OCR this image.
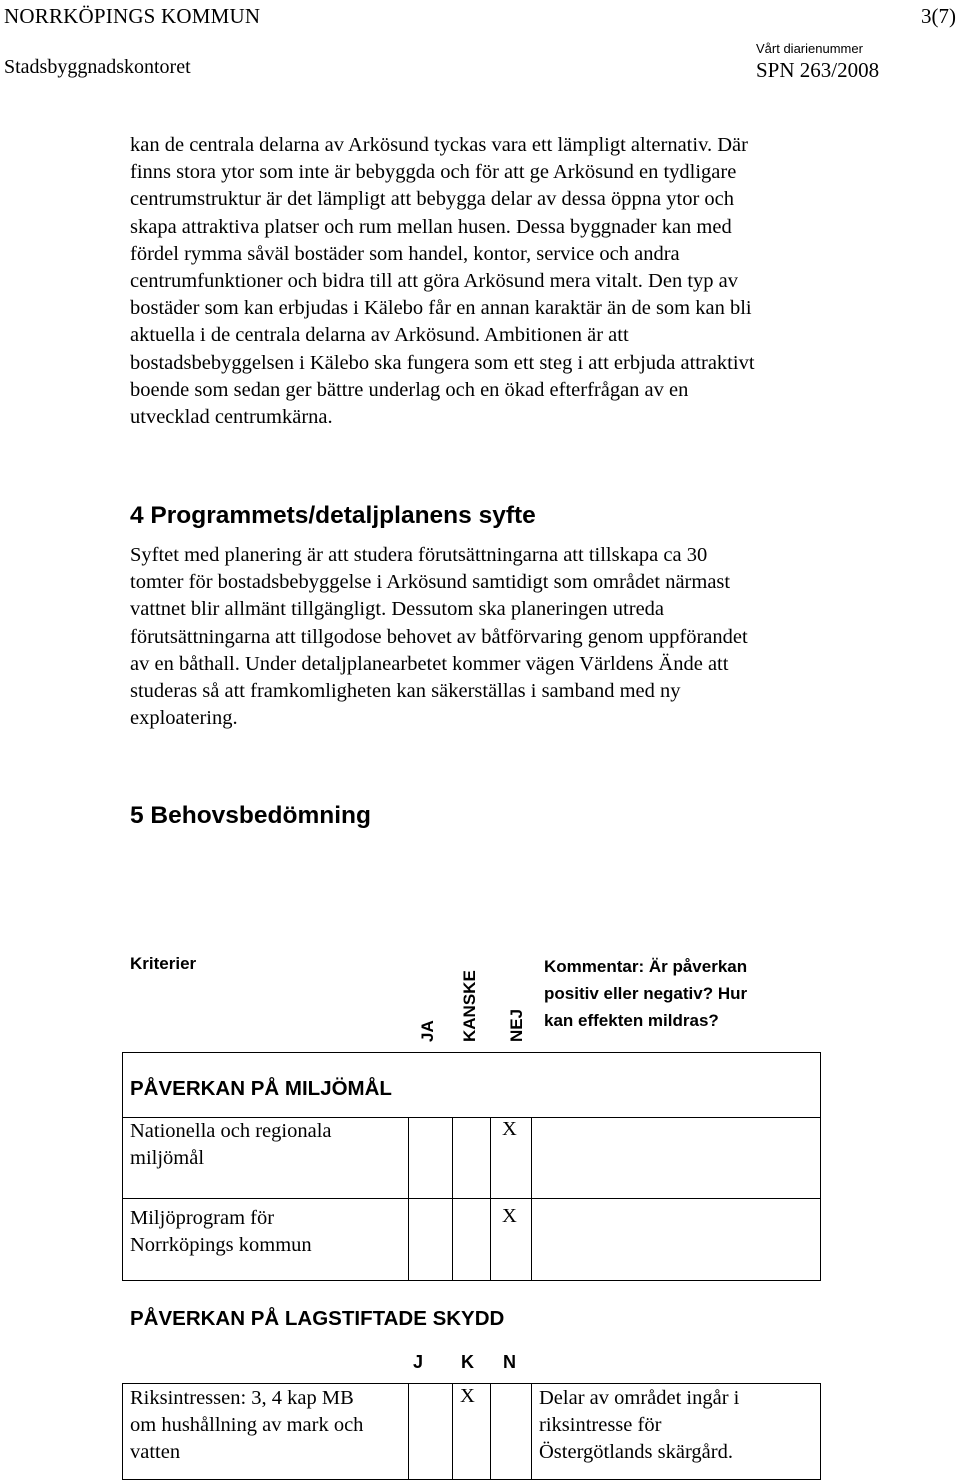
NORRKÖPINGS KOMMUN	3(7)
Stadsbyggnadskontoret
Vårt diarienummer
SPN 263/2008
kan de centrala delarna av Arkösund tyckas vara ett lämpligt alternativ. Där
finns stora ytor som inte är bebyggda och för att ge Arkösund en tydligare
centrumstruktur är det lämpligt att bebygga delar av dessa öppna ytor och
skapa attraktiva platser och rum mellan husen. Dessa byggnader kan med
fördel rymma såväl bostäder som handel, kontor, service och andra
centrumfunktioner och bidra till att göra Arkösund mera vitalt. Den typ av
bostäder som kan erbjudas i Kälebo får en annan karaktär än de som kan bli
aktuella i de centrala delarna av Arkösund. Ambitionen är att
bostadsbebyggelsen i Kälebo ska fungera som ett steg i att erbjuda attraktivt
boende som sedan ger bättre underlag och en ökad efterfrågan av en
utvecklad centrumkärna.
4 Programmets/detaljplanens syfte
Syftet med planering är att studera förutsättningarna att tillskapa ca 30
tomter för bostadsbebyggelse i Arkösund samtidigt som området närmast
vattnet blir allmänt tillgängligt. Dessutom ska planeringen utreda
förutsättningarna att tillgodose behovet av båtförvaring genom uppförandet
av en båthall. Under detaljplanearbetet kommer vägen Världens Ände att
studeras så att framkomligheten kan säkerställas i samband med ny
exploatering.
5 Behovsbedömning
Kriterier
JA KANSKE NEJ
Kommentar: Är påverkan
positiv eller negativ? Hur
kan effekten mildras?
PÅVERKAN PÅ MILJÖMÅL
Nationella och regionala
miljömål
X
Miljöprogram för
Norrköpings kommun
X
PÅVERKAN PÅ LAGSTIFTADE SKYDD
J K N
Riksintressen: 3, 4 kap MB
om hushållning av mark och
vatten
X	Delar av området ingår i
riksintresse för
Östergötlands skärgård.
